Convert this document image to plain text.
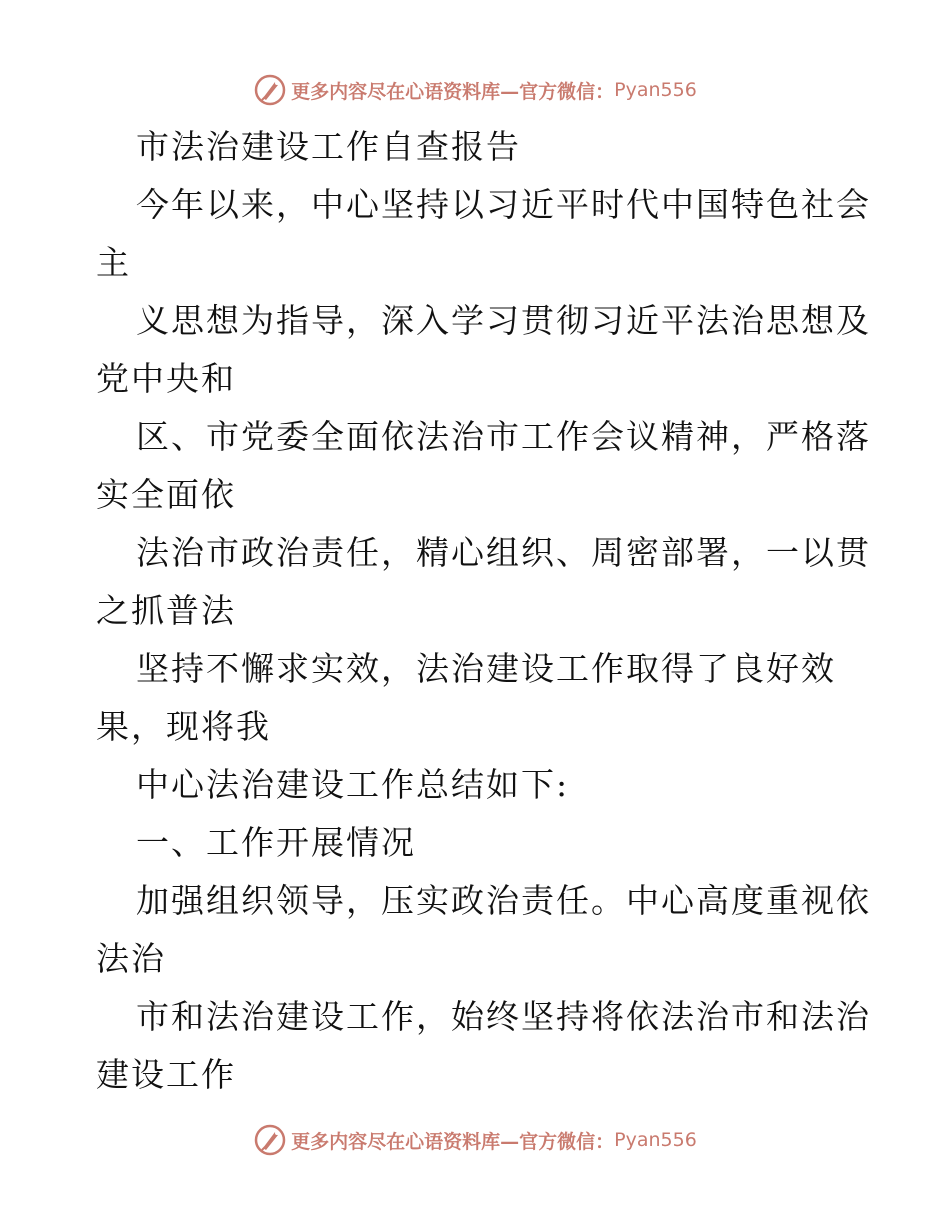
更多内容尽在心语资料库—官方微信： Pyan556
市法治建设工作自查报告
今年以来，中心坚持以习近平时代中国特色社会
主
义思想为指导，深入学习贯彻习近平法治思想及
党中央和
区、市党委全面依法治市工作会议精神，严格落
实全面依
法治市政治责任，精心组织、周密部署，一以贯
之抓普法
坚持不懈求实效，法治建设工作取得了良好效
果，现将我
中心法治建设工作总结如下:
一、工作开展情况
加强组织领导，压实政治责任。中心高度重视依
法治
市和法治建设工作，始终坚持将依法治市和法治
建设工作
更多内容尽在心语资料库—官方微信： Pyan556
